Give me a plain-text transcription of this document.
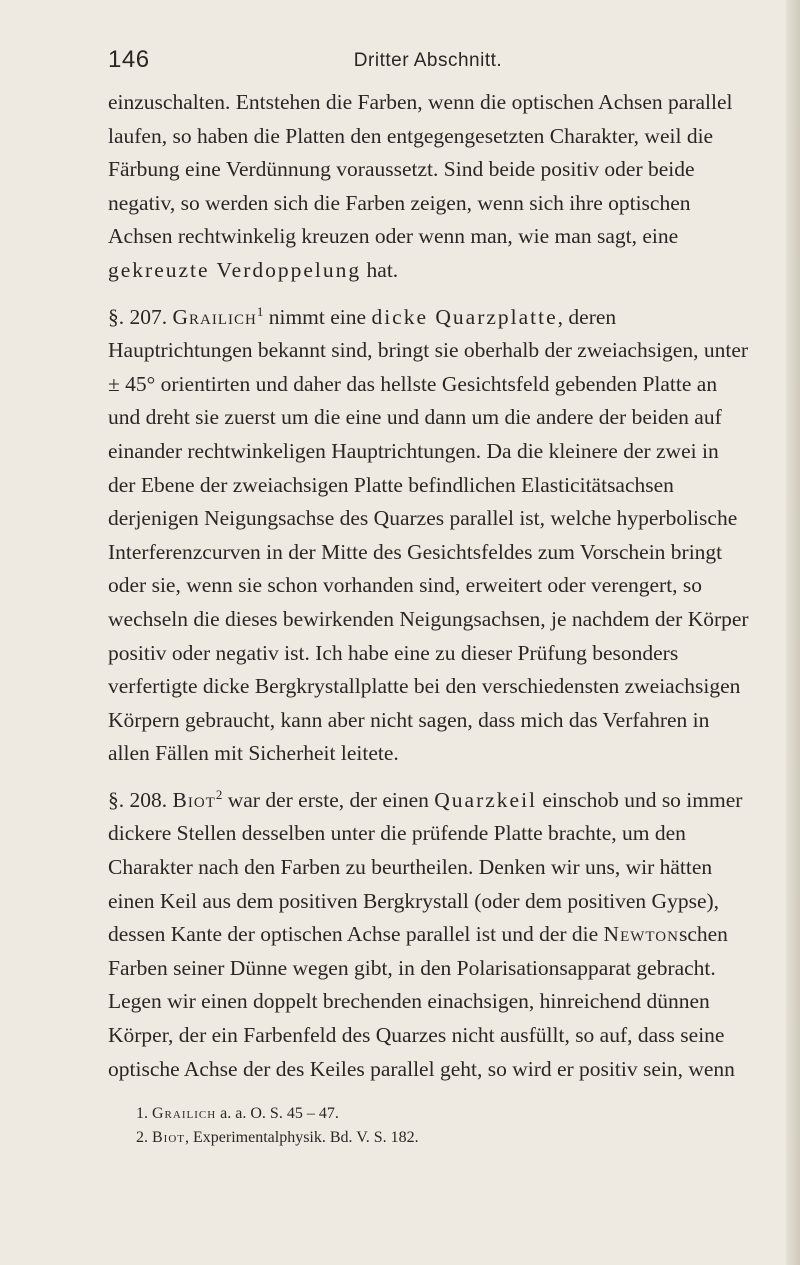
146	Dritter Abschnitt.

einzuschalten. Entstehen die Farben, wenn die optischen Achsen parallel laufen, so haben die Platten den entgegengesetzten Charakter, weil die Färbung eine Verdünnung voraussetzt. Sind beide positiv oder beide negativ, so werden sich die Farben zeigen, wenn sich ihre optischen Achsen rechtwinkelig kreuzen oder wenn man, wie man sagt, eine gekreuzte Verdoppelung hat.

§. 207. Grailich$^1$ nimmt eine dicke Quarzplatte, deren Hauptrichtungen bekannt sind, bringt sie oberhalb der zweiachsigen, unter ± 45° orientirten und daher das hellste Gesichtsfeld gebenden Platte an und dreht sie zuerst um die eine und dann um die andere der beiden auf einander rechtwinkeligen Hauptrichtungen. Da die kleinere der zwei in der Ebene der zweiachsigen Platte befindlichen Elasticitätsachsen derjenigen Neigungsachse des Quarzes parallel ist, welche hyperbolische Interferenzcurven in der Mitte des Gesichtsfeldes zum Vorschein bringt oder sie, wenn sie schon vorhanden sind, erweitert oder verengert, so wechseln die dieses bewirkenden Neigungsachsen, je nachdem der Körper positiv oder negativ ist. Ich habe eine zu dieser Prüfung besonders verfertigte dicke Bergkrystallplatte bei den verschiedensten zweiachsigen Körpern gebraucht, kann aber nicht sagen, dass mich das Verfahren in allen Fällen mit Sicherheit leitete.

§. 208. Biot$^2$ war der erste, der einen Quarzkeil einschob und so immer dickere Stellen desselben unter die prüfende Platte brachte, um den Charakter nach den Farben zu beurtheilen. Denken wir uns, wir hätten einen Keil aus dem positiven Bergkrystall (oder dem positiven Gypse), dessen Kante der optischen Achse parallel ist und der die Newtonschen Farben seiner Dünne wegen gibt, in den Polarisationsapparat gebracht. Legen wir einen doppelt brechenden einachsigen, hinreichend dünnen Körper, der ein Farbenfeld des Quarzes nicht ausfüllt, so auf, dass seine optische Achse der des Keiles parallel geht, so wird er positiv sein, wenn

1. Grailich a. a. O. S. 45 – 47.

2. Biot, Experimentalphysik. Bd. V. S. 182.
